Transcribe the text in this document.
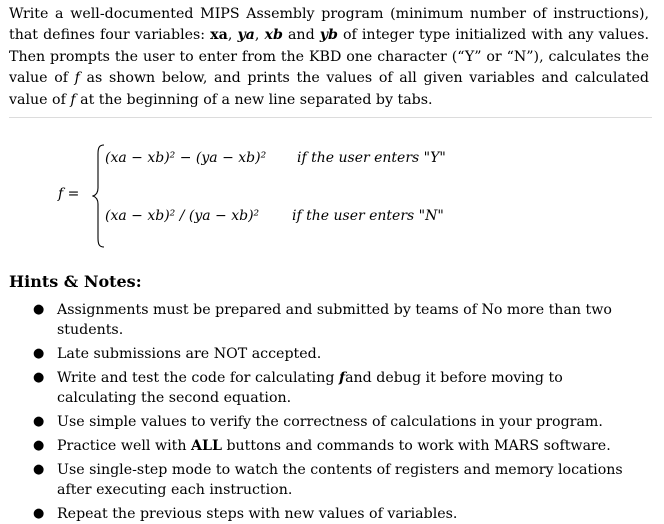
Write a well-documented MIPS Assembly program (minimum number of instructions), that defines four variables: xa, ya, xb and yb of integer type initialized with any values. Then prompts the user to enter from the KBD one character (“Y” or “N”), calculates the value of f as shown below, and prints the values of all given variables and calculated value of f at the beginning of a new line separated by tabs.
f =
(xa − xb)² − (ya − xb)² if the user enters "Y"
(xa − xb)² / (ya − xb)² if the user enters "N"
Hints & Notes:
● Assignments must be prepared and submitted by teams of No more than two students.
● Late submissions are NOT accepted.
● Write and test the code for calculating fand debug it before moving to calculating the second equation.
● Use simple values to verify the correctness of calculations in your program.
● Practice well with ALL buttons and commands to work with MARS software.
● Use single-step mode to watch the contents of registers and memory locations after executing each instruction.
● Repeat the previous steps with new values of variables.
